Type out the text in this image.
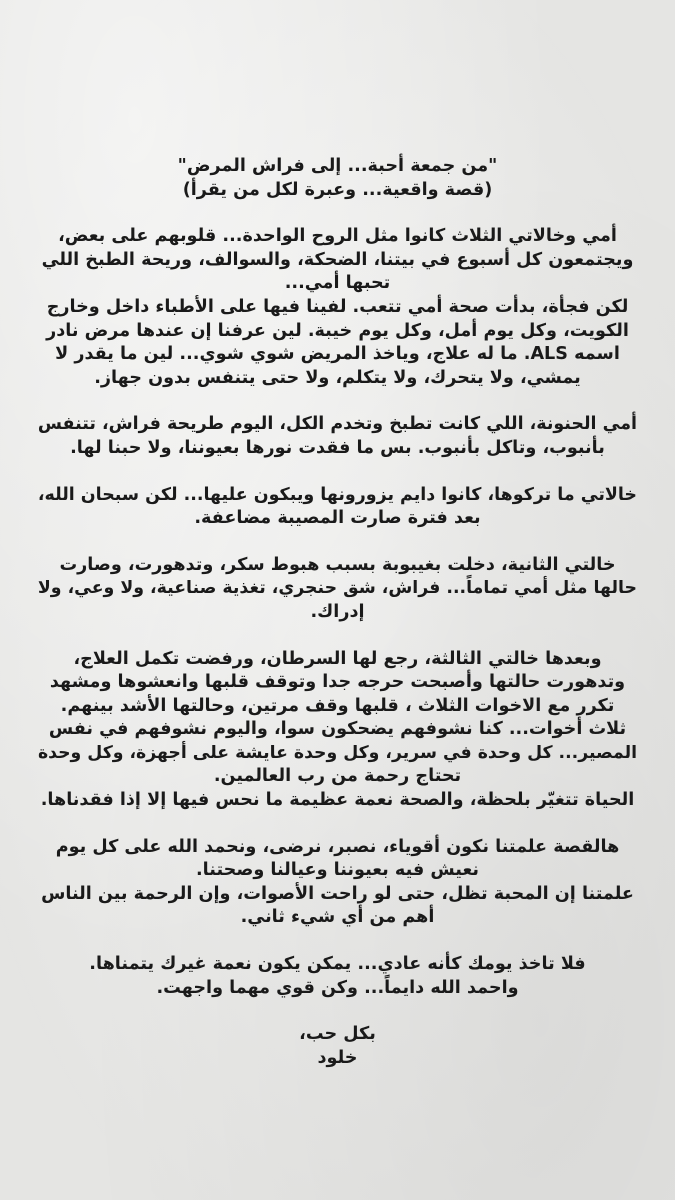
"من جمعة أحبة... إلى فراش المرض"
(قصة واقعية... وعبرة لكل من يقرأ)
أمي وخالاتي الثلاث كانوا مثل الروح الواحدة... قلوبهم على بعض،
ويجتمعون كل أسبوع في بيتنا، الضحكة، والسوالف، وريحة الطبخ اللي
تحبها أمي...
لكن فجأة، بدأت صحة أمي تتعب. لفينا فيها على الأطباء داخل وخارج
الكويت، وكل يوم أمل، وكل يوم خيبة. لين عرفنا إن عندها مرض نادر
اسمه ALS. ما له علاج، وياخذ المريض شوي شوي... لين ما يقدر لا
يمشي، ولا يتحرك، ولا يتكلم، ولا حتى يتنفس بدون جهاز.
أمي الحنونة، اللي كانت تطبخ وتخدم الكل، اليوم طريحة فراش، تتنفس
بأنبوب، وتاكل بأنبوب. بس ما فقدت نورها بعيوننا، ولا حبنا لها.
خالاتي ما تركوها، كانوا دايم يزورونها ويبكون عليها... لكن سبحان الله،
بعد فترة صارت المصيبة مضاعفة.
خالتي الثانية، دخلت بغيبوبة بسبب هبوط سكر، وتدهورت، وصارت
حالها مثل أمي تماماً... فراش، شق حنجري، تغذية صناعية، ولا وعي، ولا
إدراك.
وبعدها خالتي الثالثة، رجع لها السرطان، ورفضت تكمل العلاج،
وتدهورت حالتها وأصبحت حرجه جدا وتوقف قلبها وانعشوها ومشهد
تكرر مع الاخوات الثلاث ، قلبها وقف مرتين، وحالتها الأشد بينهم.
ثلاث أخوات... كنا نشوفهم يضحكون سوا، واليوم نشوفهم في نفس
المصير... كل وحدة في سرير، وكل وحدة عايشة على أجهزة، وكل وحدة
تحتاج رحمة من رب العالمين.
الحياة تتغيّر بلحظة، والصحة نعمة عظيمة ما نحس فيها إلا إذا فقدناها.
هالقصة علمتنا نكون أقوياء، نصبر، نرضى، ونحمد الله على كل يوم
نعيش فيه بعيوننا وعيالنا وصحتنا.
علمتنا إن المحبة تظل، حتى لو راحت الأصوات، وإن الرحمة بين الناس
أهم من أي شيء ثاني.
فلا تاخذ يومك كأنه عادي... يمكن يكون نعمة غيرك يتمناها.
واحمد الله دايماً... وكن قوي مهما واجهت.
بكل حب،
خلود
